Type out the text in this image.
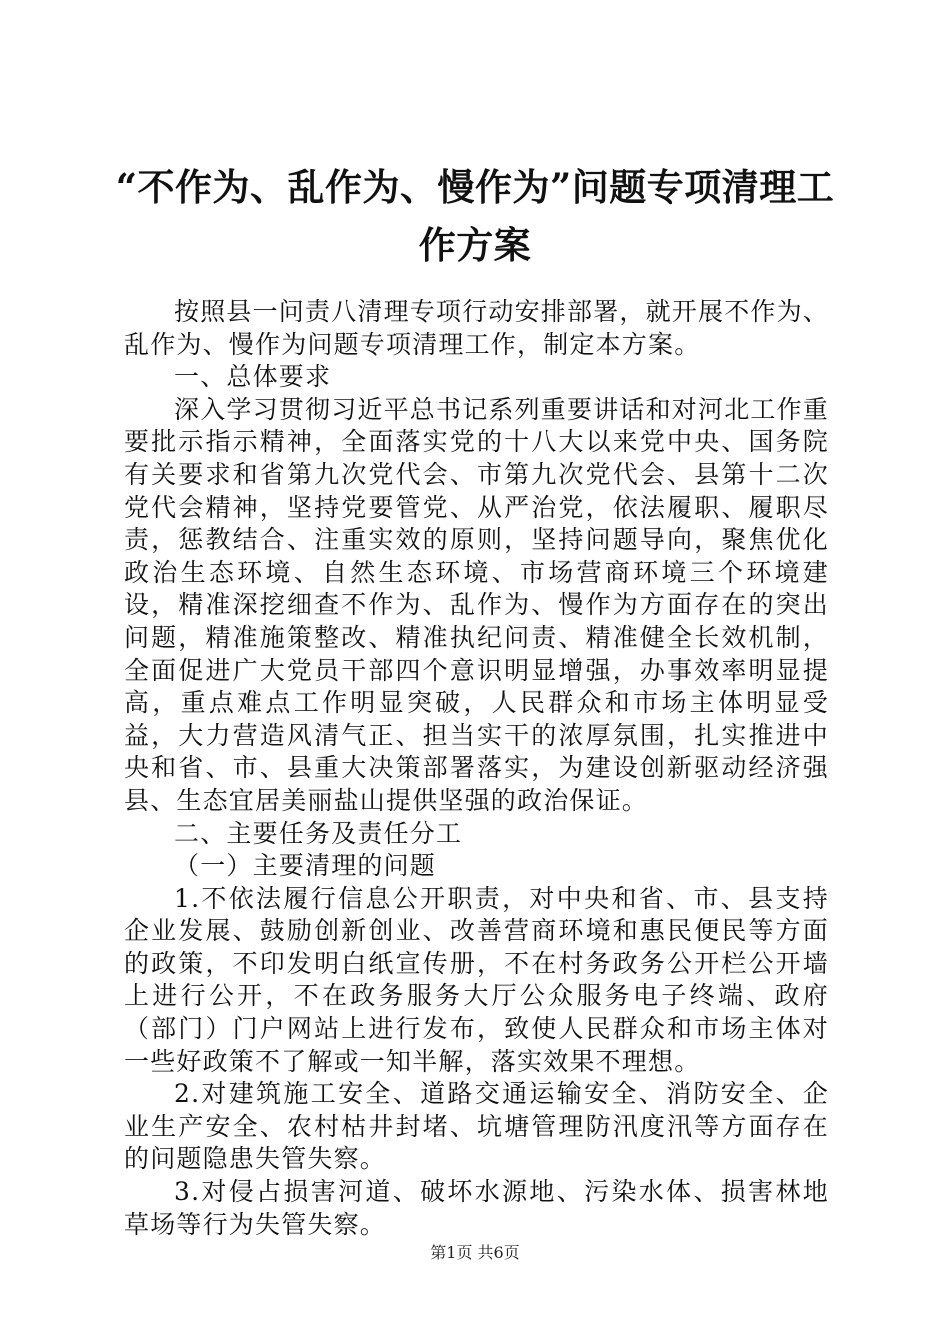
“不作为、乱作为、慢作为”问题专项清理工作方案

按照县一问责八清理专项行动安排部署，就开展不作为、乱作为、慢作为问题专项清理工作，制定本方案。

一、总体要求

深入学习贯彻习近平总书记系列重要讲话和对河北工作重要批示指示精神，全面落实党的十八大以来党中央、国务院有关要求和省第九次党代会、市第九次党代会、县第十二次党代会精神，坚持党要管党、从严治党，依法履职、履职尽责，惩教结合、注重实效的原则，坚持问题导向，聚焦优化政治生态环境、自然生态环境、市场营商环境三个环境建设，精准深挖细查不作为、乱作为、慢作为方面存在的突出问题，精准施策整改、精准执纪问责、精准健全长效机制，全面促进广大党员干部四个意识明显增强，办事效率明显提高，重点难点工作明显突破，人民群众和市场主体明显受益，大力营造风清气正、担当实干的浓厚氛围，扎实推进中央和省、市、县重大决策部署落实，为建设创新驱动经济强县、生态宜居美丽盐山提供坚强的政治保证。

二、主要任务及责任分工

（一）主要清理的问题

1.不依法履行信息公开职责，对中央和省、市、县支持企业发展、鼓励创新创业、改善营商环境和惠民便民等方面的政策，不印发明白纸宣传册，不在村务政务公开栏公开墙上进行公开，不在政务服务大厅公众服务电子终端、政府（部门）门户网站上进行发布，致使人民群众和市场主体对一些好政策不了解或一知半解，落实效果不理想。

2.对建筑施工安全、道路交通运输安全、消防安全、企业生产安全、农村枯井封堵、坑塘管理防汛度汛等方面存在的问题隐患失管失察。

3.对侵占损害河道、破坏水源地、污染水体、损害林地草场等行为失管失察。

第1页 共6页
